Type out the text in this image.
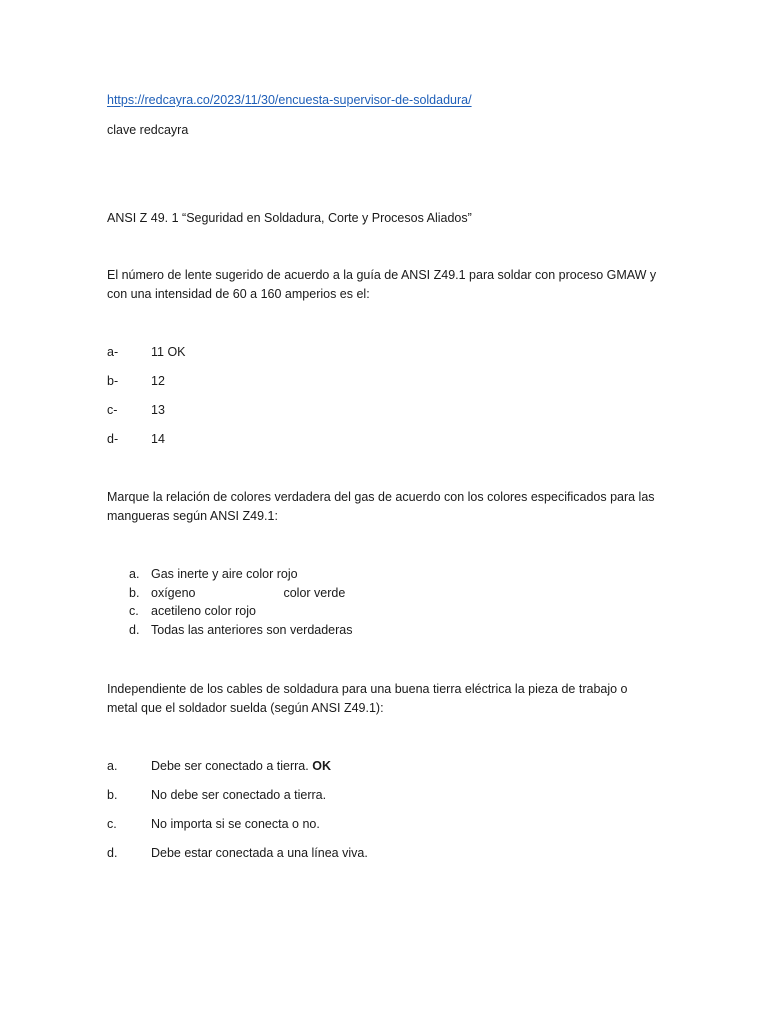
https://redcayra.co/2023/11/30/encuesta-supervisor-de-soldadura/
clave redcayra
ANSI Z 49. 1 “Seguridad en Soldadura, Corte y Procesos Aliados”
El número de lente sugerido de acuerdo a la guía de ANSI Z49.1 para soldar con proceso GMAW y
con una intensidad de 60 a 160 amperios es el:
a-	11 OK
b-	12
c-	13
d-	14
Marque la relación de colores verdadera del gas de acuerdo con los colores especificados para las
mangueras según ANSI Z49.1:
a. Gas inerte y aire color rojo
b. oxígeno	color verde
c. acetileno color rojo
d. Todas las anteriores son verdaderas
Independiente de los cables de soldadura para una buena tierra eléctrica la pieza de trabajo o
metal que el soldador suelda (según ANSI Z49.1):
a.	Debe ser conectado a tierra. OK
b.	No debe ser conectado a tierra.
c.	No importa si se conecta o no.
d.	Debe estar conectada a una línea viva.
